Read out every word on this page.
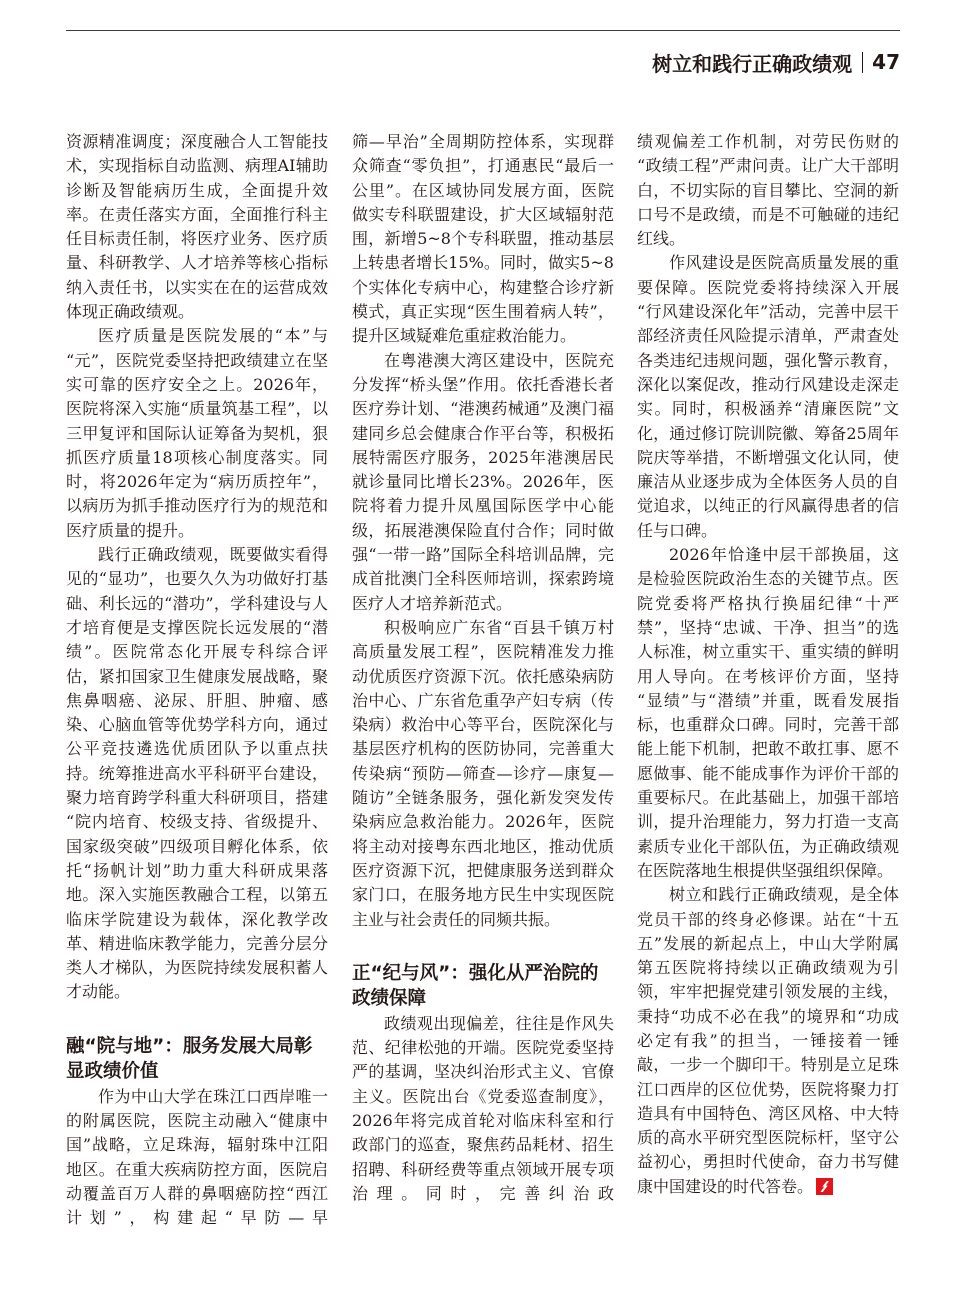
树立和践行正确政绩观 47

资源精准调度；深度融合人工智能技术，实现指标自动监测、病理AI辅助诊断及智能病历生成，全面提升效率。在责任落实方面，全面推行科主任目标责任制，将医疗业务、医疗质量、科研教学、人才培养等核心指标纳入责任书，以实实在在的运营成效体现正确政绩观。

医疗质量是医院发展的“本”与“元”，医院党委坚持把政绩建立在坚实可靠的医疗安全之上。2026年，医院将深入实施“质量筑基工程”，以三甲复评和国际认证筹备为契机，狠抓医疗质量18项核心制度落实。同时，将2026年定为“病历质控年”，以病历为抓手推动医疗行为的规范和医疗质量的提升。

践行正确政绩观，既要做实看得见的“显功”，也要久久为功做好打基础、利长远的“潜功”，学科建设与人才培育便是支撑医院长远发展的“潜绩”。医院常态化开展专科综合评估，紧扣国家卫生健康发展战略，聚焦鼻咽癌、泌尿、肝胆、肿瘤、感染、心脑血管等优势学科方向，通过公平竞技遴选优质团队予以重点扶持。统筹推进高水平科研平台建设，聚力培育跨学科重大科研项目，搭建“院内培育、校级支持、省级提升、国家级突破”四级项目孵化体系，依托“扬帆计划”助力重大科研成果落地。深入实施医教融合工程，以第五临床学院建设为载体，深化教学改革、精进临床教学能力，完善分层分类人才梯队，为医院持续发展积蓄人才动能。

融“院与地”：服务发展大局彰
显政绩价值

作为中山大学在珠江口西岸唯一的附属医院，医院主动融入“健康中国”战略，立足珠海，辐射珠中江阳地区。在重大疾病防控方面，医院启动覆盖百万人群的鼻咽癌防控“西江计划”，构建起“早防—早

筛—早治”全周期防控体系，实现群众筛查“零负担”，打通惠民“最后一公里”。在区域协同发展方面，医院做实专科联盟建设，扩大区域辐射范围，新增5~8个专科联盟，推动基层上转患者增长15%。同时，做实5~8个实体化专病中心，构建整合诊疗新模式，真正实现“医生围着病人转”，提升区域疑难危重症救治能力。

在粤港澳大湾区建设中，医院充分发挥“桥头堡”作用。依托香港长者医疗券计划、“港澳药械通”及澳门福建同乡总会健康合作平台等，积极拓展特需医疗服务，2025年港澳居民就诊量同比增长23%。2026年，医院将着力提升凤凰国际医学中心能级，拓展港澳保险直付合作；同时做强“一带一路”国际全科培训品牌，完成首批澳门全科医师培训，探索跨境医疗人才培养新范式。

积极响应广东省“百县千镇万村高质量发展工程”，医院精准发力推动优质医疗资源下沉。依托感染病防治中心、广东省危重孕产妇专病（传染病）救治中心等平台，医院深化与基层医疗机构的医防协同，完善重大传染病“预防—筛查—诊疗—康复—随访”全链条服务，强化新发突发传染病应急救治能力。2026年，医院将主动对接粤东西北地区，推动优质医疗资源下沉，把健康服务送到群众家门口，在服务地方民生中实现医院主业与社会责任的同频共振。

正“纪与风”：强化从严治院的
政绩保障

政绩观出现偏差，往往是作风失范、纪律松弛的开端。医院党委坚持严的基调，坚决纠治形式主义、官僚主义。医院出台《党委巡查制度》，2026年将完成首轮对临床科室和行政部门的巡查，聚焦药品耗材、招生招聘、科研经费等重点领域开展专项治理。同时，完善纠治政

绩观偏差工作机制，对劳民伤财的“政绩工程”严肃问责。让广大干部明白，不切实际的盲目攀比、空洞的新口号不是政绩，而是不可触碰的违纪红线。

作风建设是医院高质量发展的重要保障。医院党委将持续深入开展“行风建设深化年”活动，完善中层干部经济责任风险提示清单，严肃查处各类违纪违规问题，强化警示教育，深化以案促改，推动行风建设走深走实。同时，积极涵养“清廉医院”文化，通过修订院训院徽、筹备25周年院庆等举措，不断增强文化认同，使廉洁从业逐步成为全体医务人员的自觉追求，以纯正的行风赢得患者的信任与口碑。

2026年恰逢中层干部换届，这是检验医院政治生态的关键节点。医院党委将严格执行换届纪律“十严禁”，坚持“忠诚、干净、担当”的选人标准，树立重实干、重实绩的鲜明用人导向。在考核评价方面，坚持“显绩”与“潜绩”并重，既看发展指标，也重群众口碑。同时，完善干部能上能下机制，把敢不敢扛事、愿不愿做事、能不能成事作为评价干部的重要标尺。在此基础上，加强干部培训，提升治理能力，努力打造一支高素质专业化干部队伍，为正确政绩观在医院落地生根提供坚强组织保障。

树立和践行正确政绩观，是全体党员干部的终身必修课。站在“十五五”发展的新起点上，中山大学附属第五医院将持续以正确政绩观为引领，牢牢把握党建引领发展的主线，秉持“功成不必在我”的境界和“功成必定有我”的担当，一锤接着一锤敲，一步一个脚印干。特别是立足珠江口西岸的区位优势，医院将聚力打造具有中国特色、湾区风格、中大特质的高水平研究型医院标杆，坚守公益初心，勇担时代使命，奋力书写健康中国建设的时代答卷。
